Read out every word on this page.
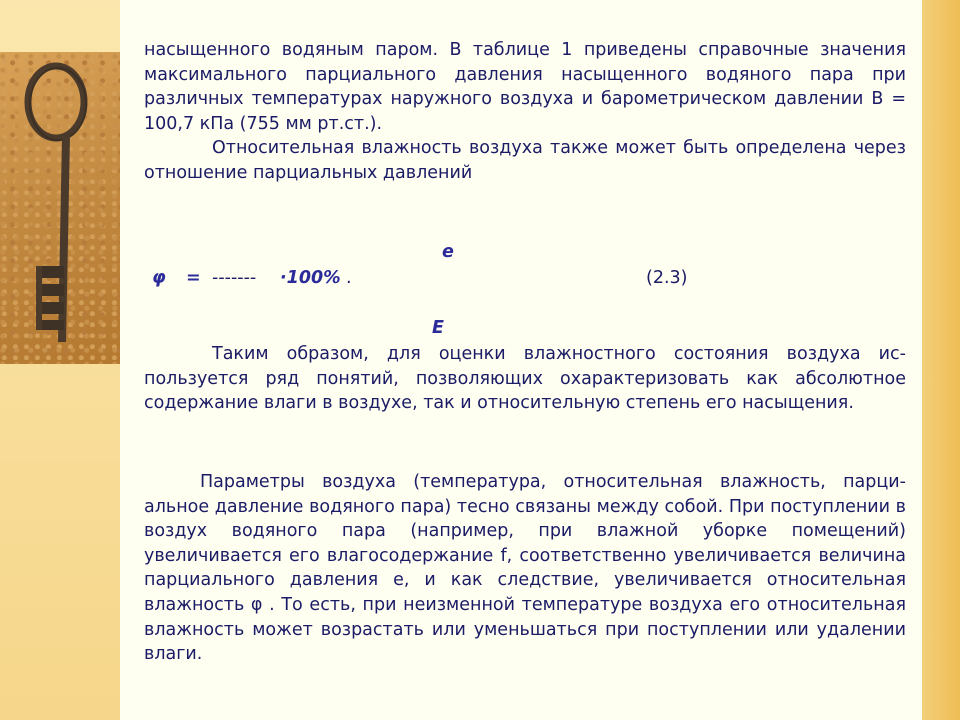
насыщенного водяным паром. В таблице 1 приведены справочные значения максимального парциального давления насыщенного водяного пара при различных температурах наружного воздуха и барометрическом давлении B = 100,7 кПа (755 мм рт.ст.).

Относительная влажность воздуха также может быть определена через отношение парциальных давлений

e
φ = ------- ·100% .	(2.3)
E

Таким образом, для оценки влажностного состояния воздуха используется ряд понятий, позволяющих охарактеризовать как абсолютное содержание влаги в воздухе, так и относительную степень его насыщения.

Параметры воздуха (температура, относительная влажность, парциальное давление водяного пара) тесно связаны между собой. При поступлении в воздух водяного пара (например, при влажной уборке помещений) увеличивается его влагосодержание f, соответственно увеличивается величина парциального давления e, и как следствие, увеличивается относительная влажность φ . То есть, при неизменной температуре воздуха его относительная влажность может возрастать или уменьшаться при поступлении или удалении влаги.
